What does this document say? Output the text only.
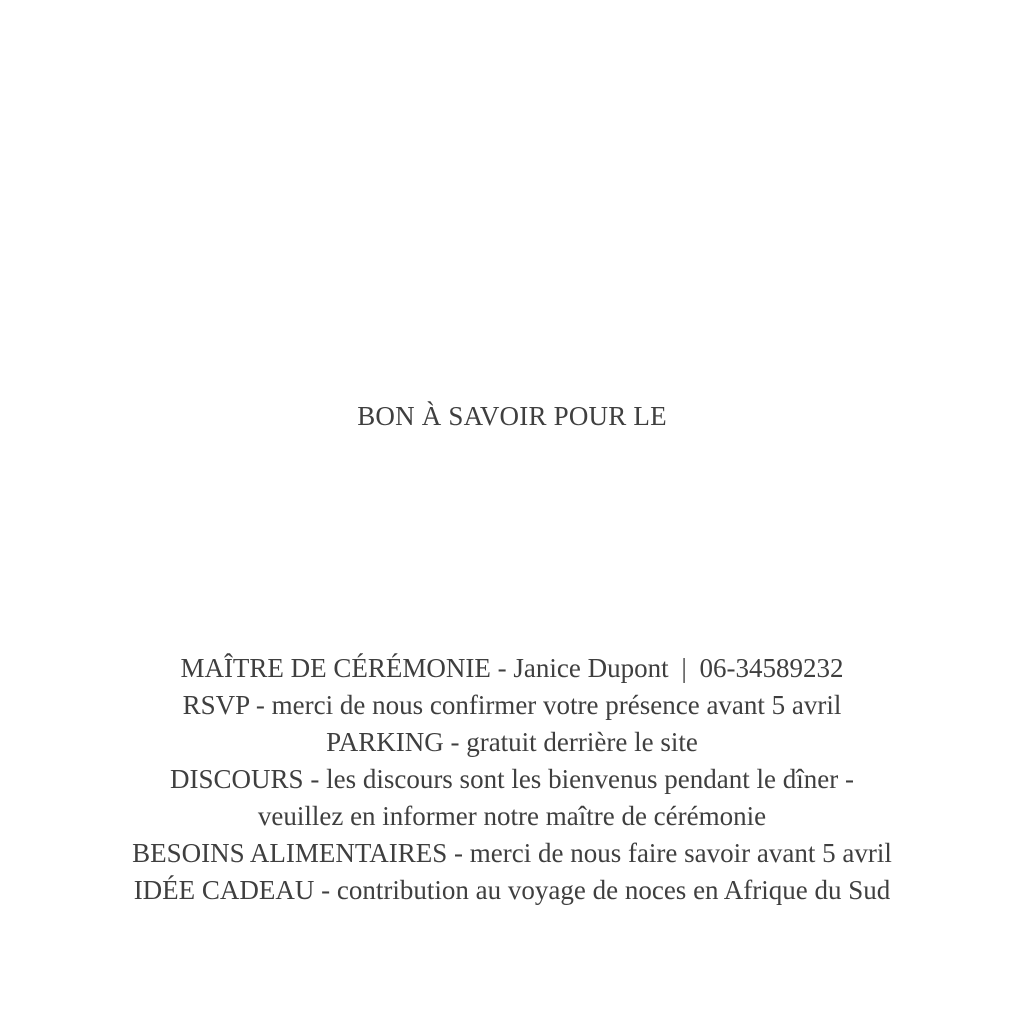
BON À SAVOIR POUR LE
MAÎTRE DE CÉRÉMONIE - Janice Dupont | 06-34589232
RSVP - merci de nous confirmer votre présence avant 5 avril
PARKING - gratuit derrière le site
DISCOURS - les discours sont les bienvenus pendant le dîner -
veuillez en informer notre maître de cérémonie
BESOINS ALIMENTAIRES - merci de nous faire savoir avant 5 avril
IDÉE CADEAU - contribution au voyage de noces en Afrique du Sud
